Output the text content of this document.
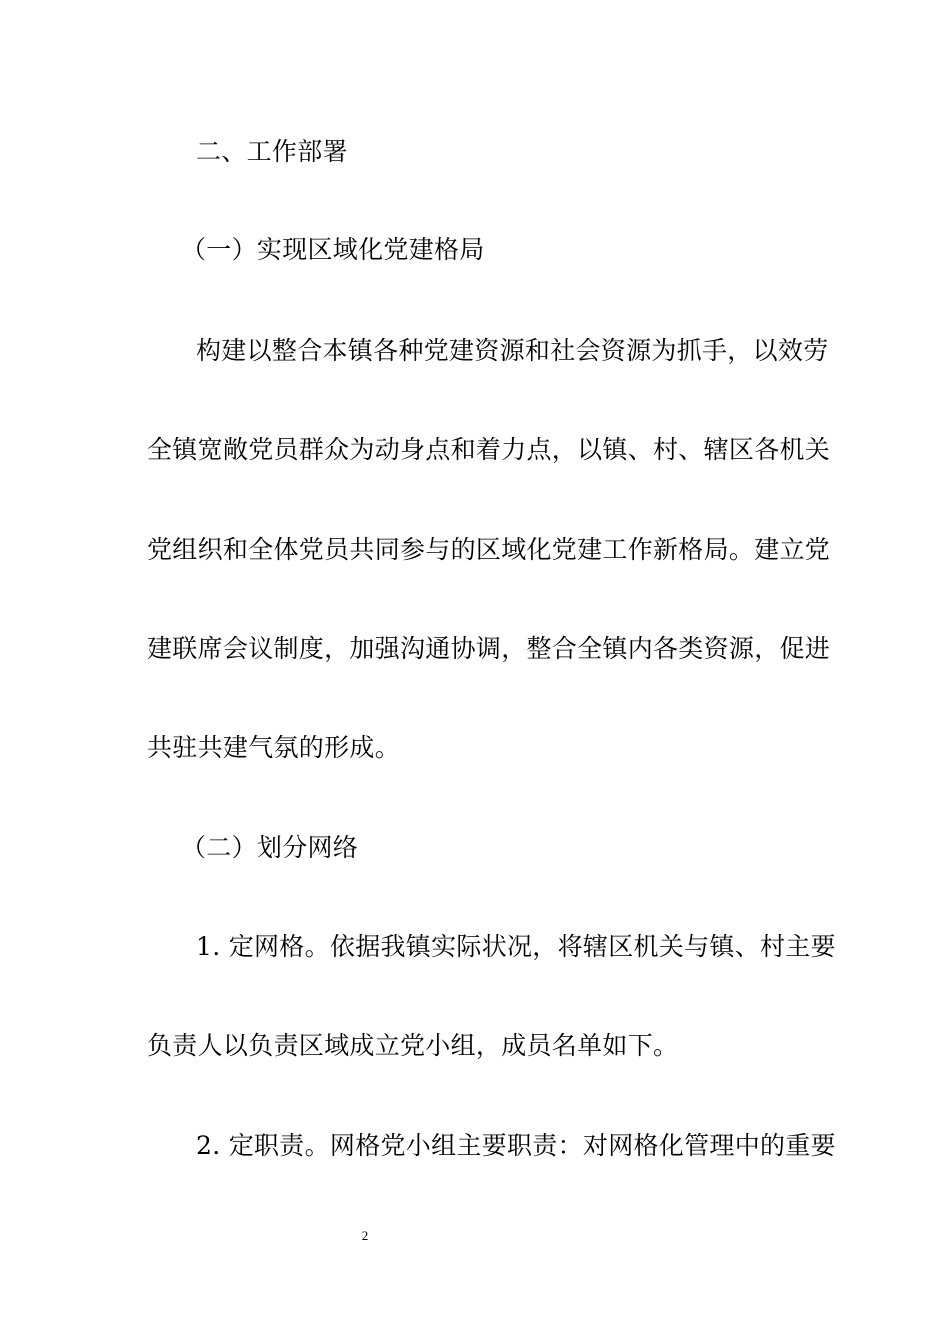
二、工作部署
（一）实现区域化党建格局
构建以整合本镇各种党建资源和社会资源为抓手，以效劳
全镇宽敞党员群众为动身点和着力点，以镇、村、辖区各机关
党组织和全体党员共同参与的区域化党建工作新格局。建立党
建联席会议制度，加强沟通协调，整合全镇内各类资源，促进
共驻共建气氛的形成。
（二）划分网络
1. 定网格。依据我镇实际状况，将辖区机关与镇、村主要
负责人以负责区域成立党小组，成员名单如下。
2. 定职责。网格党小组主要职责：对网格化管理中的重要
2
